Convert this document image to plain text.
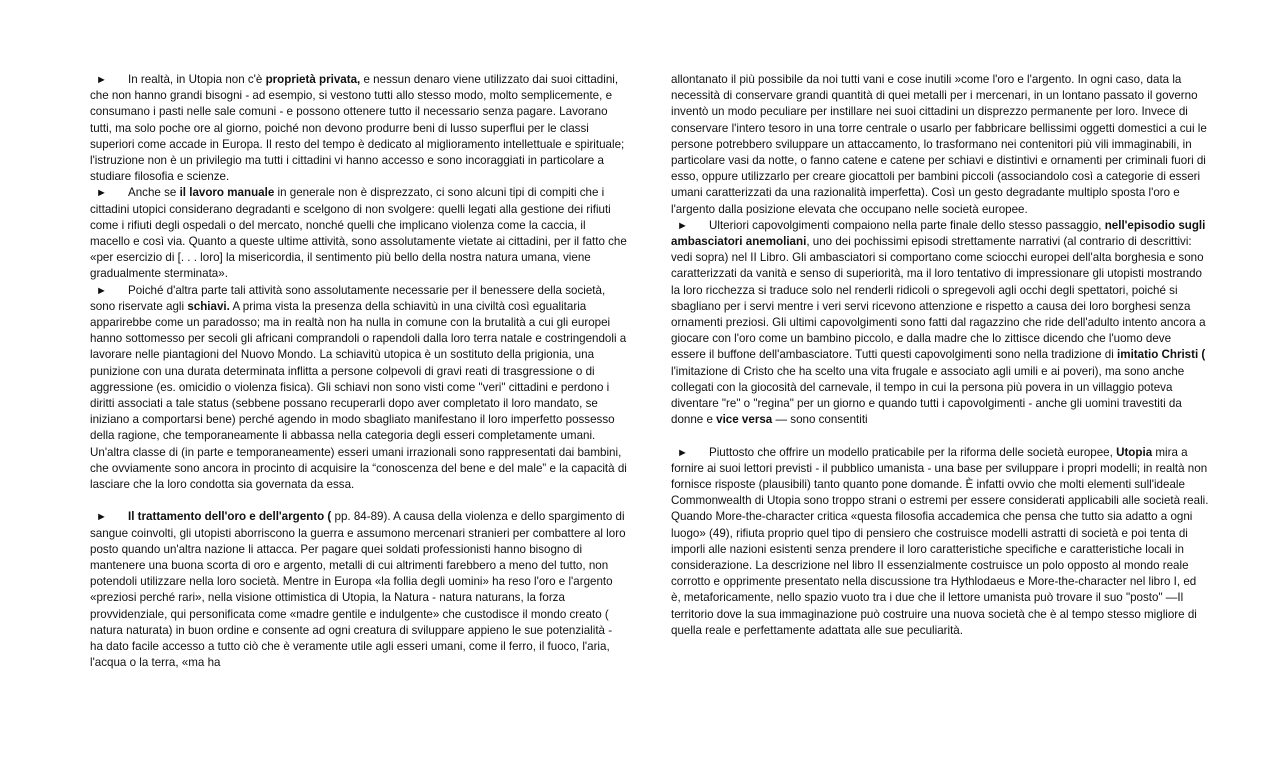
► In realtà, in Utopia non c'è proprietà privata, e nessun denaro viene utilizzato dai suoi cittadini, che non hanno grandi bisogni - ad esempio, si vestono tutti allo stesso modo, molto semplicemente, e consumano i pasti nelle sale comuni - e possono ottenere tutto il necessario senza pagare. Lavorano tutti, ma solo poche ore al giorno, poiché non devono produrre beni di lusso superflui per le classi superiori come accade in Europa. Il resto del tempo è dedicato al miglioramento intellettuale e spirituale; l'istruzione non è un privilegio ma tutti i cittadini vi hanno accesso e sono incoraggiati in particolare a studiare filosofia e scienze.

► Anche se il lavoro manuale in generale non è disprezzato, ci sono alcuni tipi di compiti che i cittadini utopici considerano degradanti e scelgono di non svolgere: quelli legati alla gestione dei rifiuti come i rifiuti degli ospedali o del mercato, nonché quelli che implicano violenza come la caccia, il macello e così via. Quanto a queste ultime attività, sono assolutamente vietate ai cittadini, per il fatto che «per esercizio di [. . . loro] la misericordia, il sentimento più bello della nostra natura umana, viene gradualmente sterminata».

► Poiché d'altra parte tali attività sono assolutamente necessarie per il benessere della società, sono riservate agli schiavi. A prima vista la presenza della schiavitù in una civiltà così egualitaria apparirebbe come un paradosso; ma in realtà non ha nulla in comune con la brutalità a cui gli europei hanno sottomesso per secoli gli africani comprandoli o rapendoli dalla loro terra natale e costringendoli a lavorare nelle piantagioni del Nuovo Mondo. La schiavitù utopica è un sostituto della prigionia, una punizione con una durata determinata inflitta a persone colpevoli di gravi reati di trasgressione o di aggressione (es. omicidio o violenza fisica). Gli schiavi non sono visti come "veri" cittadini e perdono i diritti associati a tale status (sebbene possano recuperarli dopo aver completato il loro mandato, se iniziano a comportarsi bene) perché agendo in modo sbagliato manifestano il loro imperfetto possesso della ragione, che temporaneamente li abbassa nella categoria degli esseri completamente umani. Un'altra classe di (in parte e temporaneamente) esseri umani irrazionali sono rappresentati dai bambini, che ovviamente sono ancora in procinto di acquisire la “conoscenza del bene e del male” e la capacità di lasciare che la loro condotta sia governata da essa.

► Il trattamento dell'oro e dell'argento ( pp. 84-89). A causa della violenza e dello spargimento di sangue coinvolti, gli utopisti aborriscono la guerra e assumono mercenari stranieri per combattere al loro posto quando un'altra nazione li attacca. Per pagare quei soldati professionisti hanno bisogno di mantenere una buona scorta di oro e argento, metalli di cui altrimenti farebbero a meno del tutto, non potendoli utilizzare nella loro società. Mentre in Europa «la follia degli uomini» ha reso l'oro e l'argento «preziosi perché rari», nella visione ottimistica di Utopia, la Natura - natura naturans, la forza provvidenziale, qui personificata come «madre gentile e indulgente» che custodisce il mondo creato ( natura naturata) in buon ordine e consente ad ogni creatura di sviluppare appieno le sue potenzialità - ha dato facile accesso a tutto ciò che è veramente utile agli esseri umani, come il ferro, il fuoco, l'aria, l'acqua o la terra, «ma ha

allontanato il più possibile da noi tutti vani e cose inutili »come l'oro e l'argento. In ogni caso, data la necessità di conservare grandi quantità di quei metalli per i mercenari, in un lontano passato il governo inventò un modo peculiare per instillare nei suoi cittadini un disprezzo permanente per loro. Invece di conservare l'intero tesoro in una torre centrale o usarlo per fabbricare bellissimi oggetti domestici a cui le persone potrebbero sviluppare un attaccamento, lo trasformano nei contenitori più vili immaginabili, in particolare vasi da notte, o fanno catene e catene per schiavi e distintivi e ornamenti per criminali fuori di esso, oppure utilizzarlo per creare giocattoli per bambini piccoli (associandolo così a categorie di esseri umani caratterizzati da una razionalità imperfetta). Così un gesto degradante multiplo sposta l'oro e l'argento dalla posizione elevata che occupano nelle società europee.

► Ulteriori capovolgimenti compaiono nella parte finale dello stesso passaggio, nell'episodio sugli ambasciatori anemoliani, uno dei pochissimi episodi strettamente narrativi (al contrario di descrittivi: vedi sopra) nel II Libro. Gli ambasciatori si comportano come sciocchi europei dell'alta borghesia e sono caratterizzati da vanità e senso di superiorità, ma il loro tentativo di impressionare gli utopisti mostrando la loro ricchezza si traduce solo nel renderli ridicoli o spregevoli agli occhi degli spettatori, poiché si sbagliano per i servi mentre i veri servi ricevono attenzione e rispetto a causa dei loro borghesi senza ornamenti preziosi. Gli ultimi capovolgimenti sono fatti dal ragazzino che ride dell'adulto intento ancora a giocare con l'oro come un bambino piccolo, e dalla madre che lo zittisce dicendo che l'uomo deve essere il buffone dell'ambasciatore. Tutti questi capovolgimenti sono nella tradizione di imitatio Christi ( l'imitazione di Cristo che ha scelto una vita frugale e associato agli umili e ai poveri), ma sono anche collegati con la giocosità del carnevale, il tempo in cui la persona più povera in un villaggio poteva diventare "re" o "regina" per un giorno e quando tutti i capovolgimenti - anche gli uomini travestiti da donne e vice versa — sono consentiti

► Piuttosto che offrire un modello praticabile per la riforma delle società europee, Utopia mira a fornire ai suoi lettori previsti - il pubblico umanista - una base per sviluppare i propri modelli; in realtà non fornisce risposte (plausibili) tanto quanto pone domande. È infatti ovvio che molti elementi sull'ideale Commonwealth di Utopia sono troppo strani o estremi per essere considerati applicabili alle società reali. Quando More-the-character critica «questa filosofia accademica che pensa che tutto sia adatto a ogni luogo» (49), rifiuta proprio quel tipo di pensiero che costruisce modelli astratti di società e poi tenta di imporli alle nazioni esistenti senza prendere il loro caratteristiche specifiche e caratteristiche locali in considerazione. La descrizione nel libro II essenzialmente costruisce un polo opposto al mondo reale corrotto e opprimente presentato nella discussione tra Hythlodaeus e More-the-character nel libro I, ed è, metaforicamente, nello spazio vuoto tra i due che il lettore umanista può trovare il suo "posto" —Il territorio dove la sua immaginazione può costruire una nuova società che è al tempo stesso migliore di quella reale e perfettamente adattata alle sue peculiarità.
